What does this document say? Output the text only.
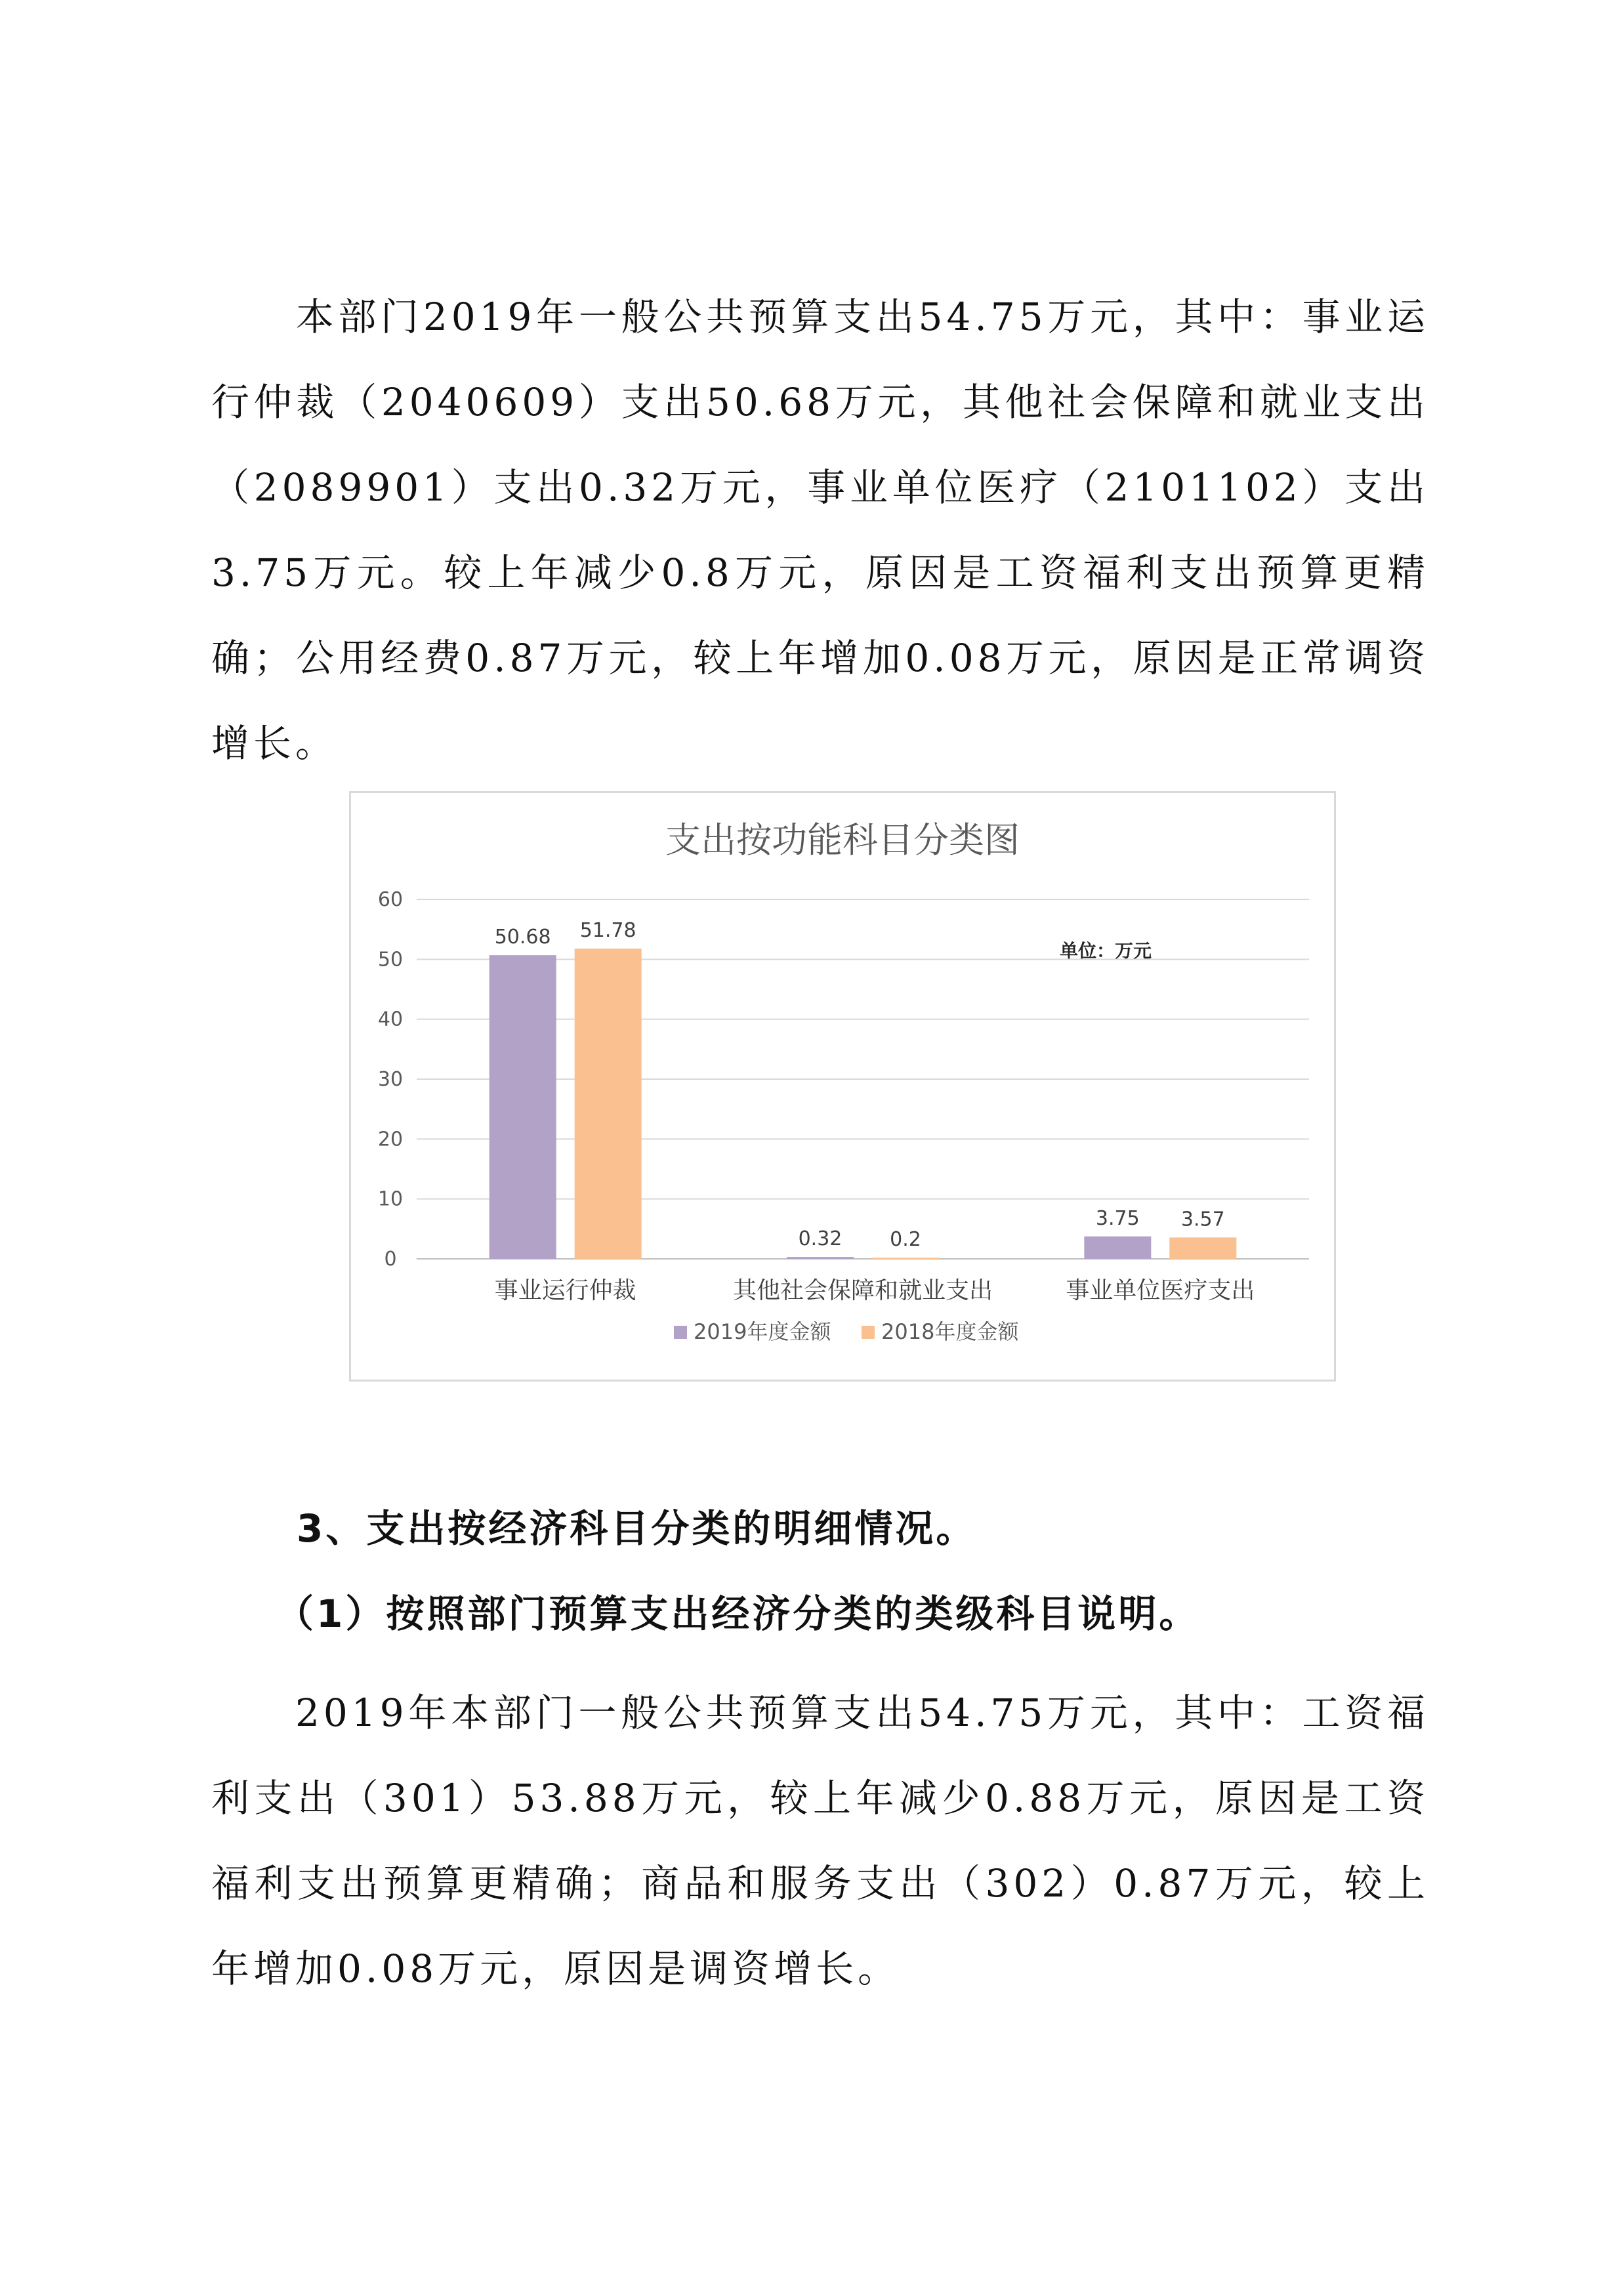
本部门2019年一般公共预算支出54.75万元，其中：事业运行仲裁（2040609）支出50.68万元，其他社会保障和就业支出（2089901）支出0.32万元，事业单位医疗（2101102）支出3.75万元。较上年减少0.8万元，原因是工资福利支出预算更精确；公用经费0.87万元，较上年增加0.08万元，原因是正常调资增长。

支出按功能科目分类图
单位：万元
0
10
20
30
40
50
60
50.68 51.78
事业运行仲裁
0.32 0.2
其他社会保障和就业支出
3.75 3.57
事业单位医疗支出
2019年度金额 2018年度金额

3、支出按经济科目分类的明细情况。

（1）按照部门预算支出经济分类的类级科目说明。

2019年本部门一般公共预算支出54.75万元，其中：工资福利支出（301）53.88万元，较上年减少0.88万元，原因是工资福利支出预算更精确；商品和服务支出（302）0.87万元，较上年增加0.08万元，原因是调资增长。
